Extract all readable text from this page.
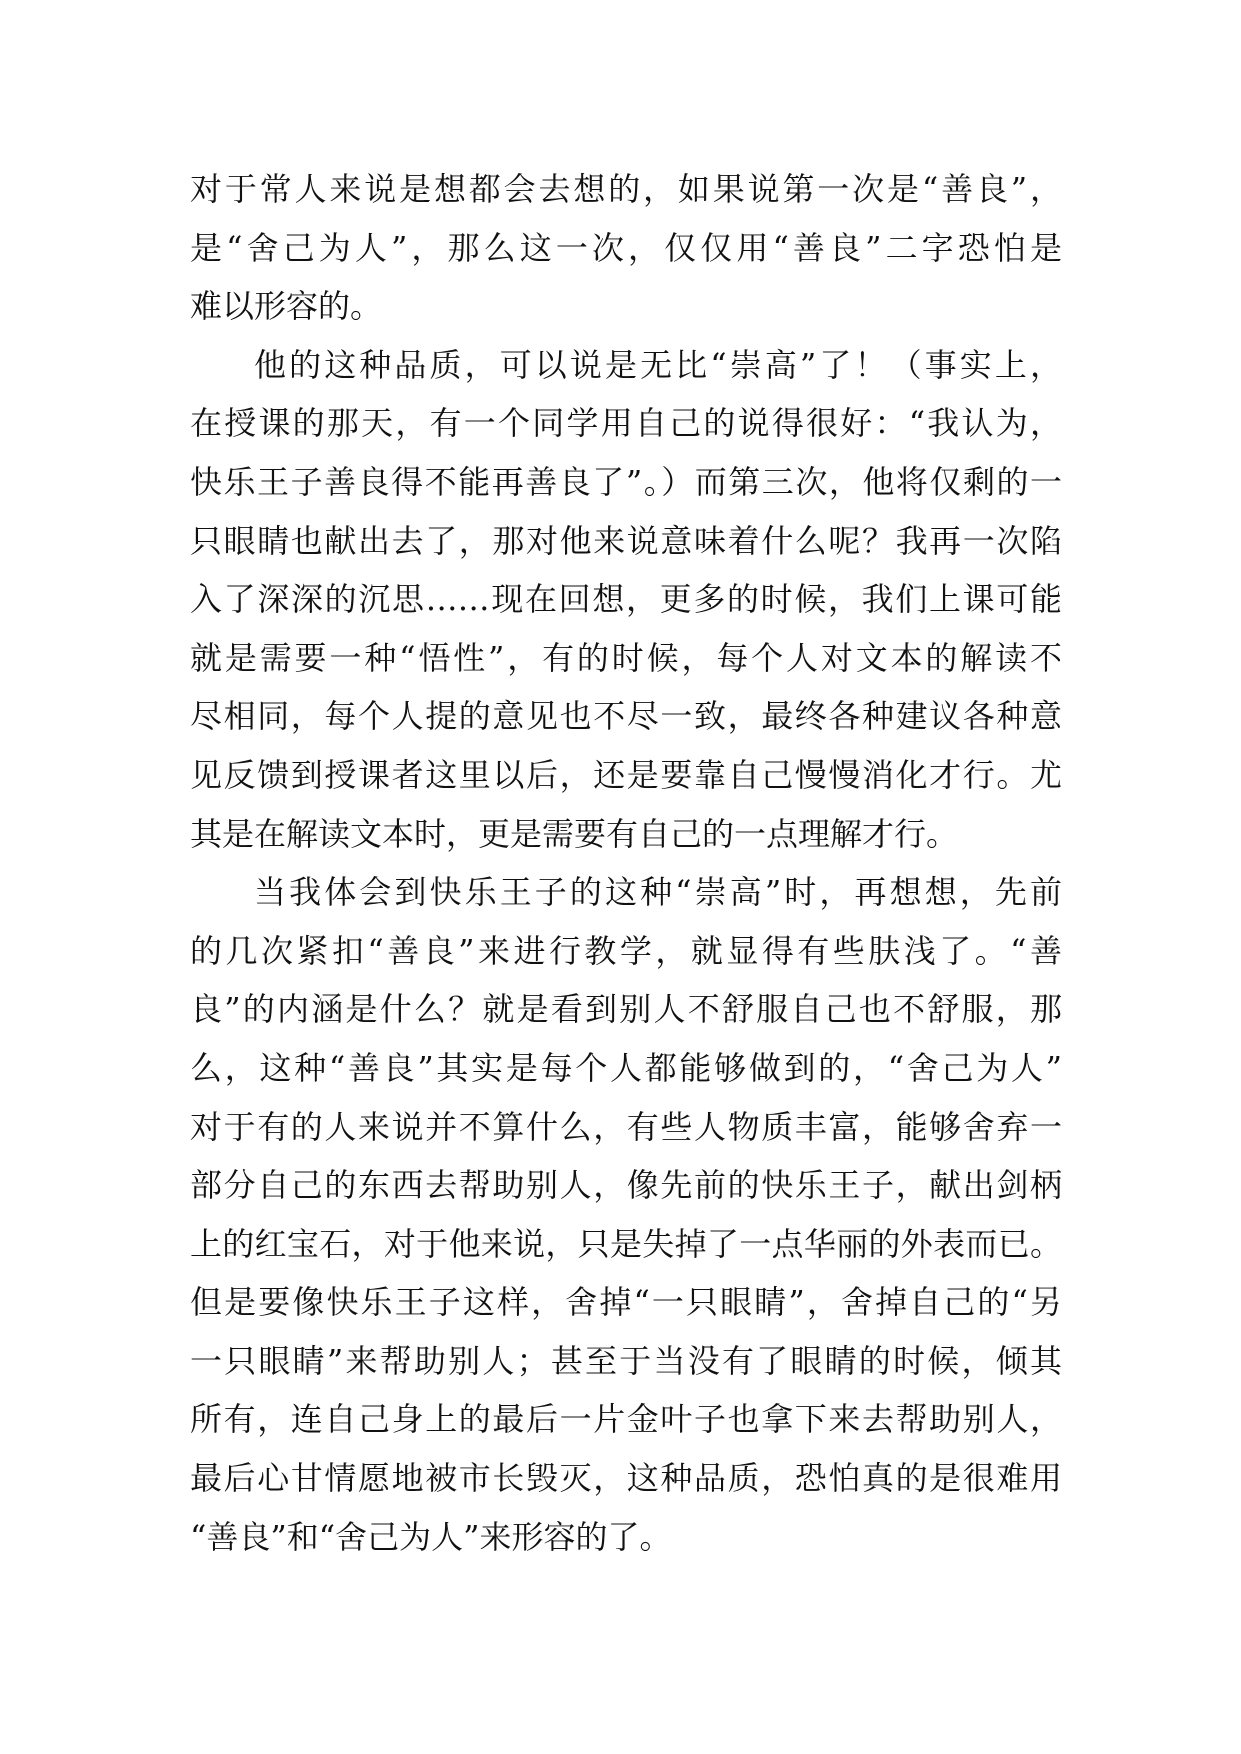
对于常人来说是想都会去想的，如果说第一次是“善良”，
是“舍己为人”，那么这一次，仅仅用“善良”二字恐怕是
难以形容的。
他的这种品质，可以说是无比“崇高”了！（事实上，
在授课的那天，有一个同学用自己的说得很好：“我认为，
快乐王子善良得不能再善良了”。）而第三次，他将仅剩的一
只眼睛也献出去了，那对他来说意味着什么呢？我再一次陷
入了深深的沉思……现在回想，更多的时候，我们上课可能
就是需要一种“悟性”，有的时候，每个人对文本的解读不
尽相同，每个人提的意见也不尽一致，最终各种建议各种意
见反馈到授课者这里以后，还是要靠自己慢慢消化才行。尤
其是在解读文本时，更是需要有自己的一点理解才行。
当我体会到快乐王子的这种“崇高”时，再想想，先前
的几次紧扣“善良”来进行教学，就显得有些肤浅了。“善
良”的内涵是什么？就是看到别人不舒服自己也不舒服，那
么，这种“善良”其实是每个人都能够做到的，“舍己为人”
对于有的人来说并不算什么，有些人物质丰富，能够舍弃一
部分自己的东西去帮助别人，像先前的快乐王子，献出剑柄
上的红宝石，对于他来说，只是失掉了一点华丽的外表而已。
但是要像快乐王子这样，舍掉“一只眼睛”，舍掉自己的“另
一只眼睛”来帮助别人；甚至于当没有了眼睛的时候，倾其
所有，连自己身上的最后一片金叶子也拿下来去帮助别人，
最后心甘情愿地被市长毁灭，这种品质，恐怕真的是很难用
“善良”和“舍己为人”来形容的了。
